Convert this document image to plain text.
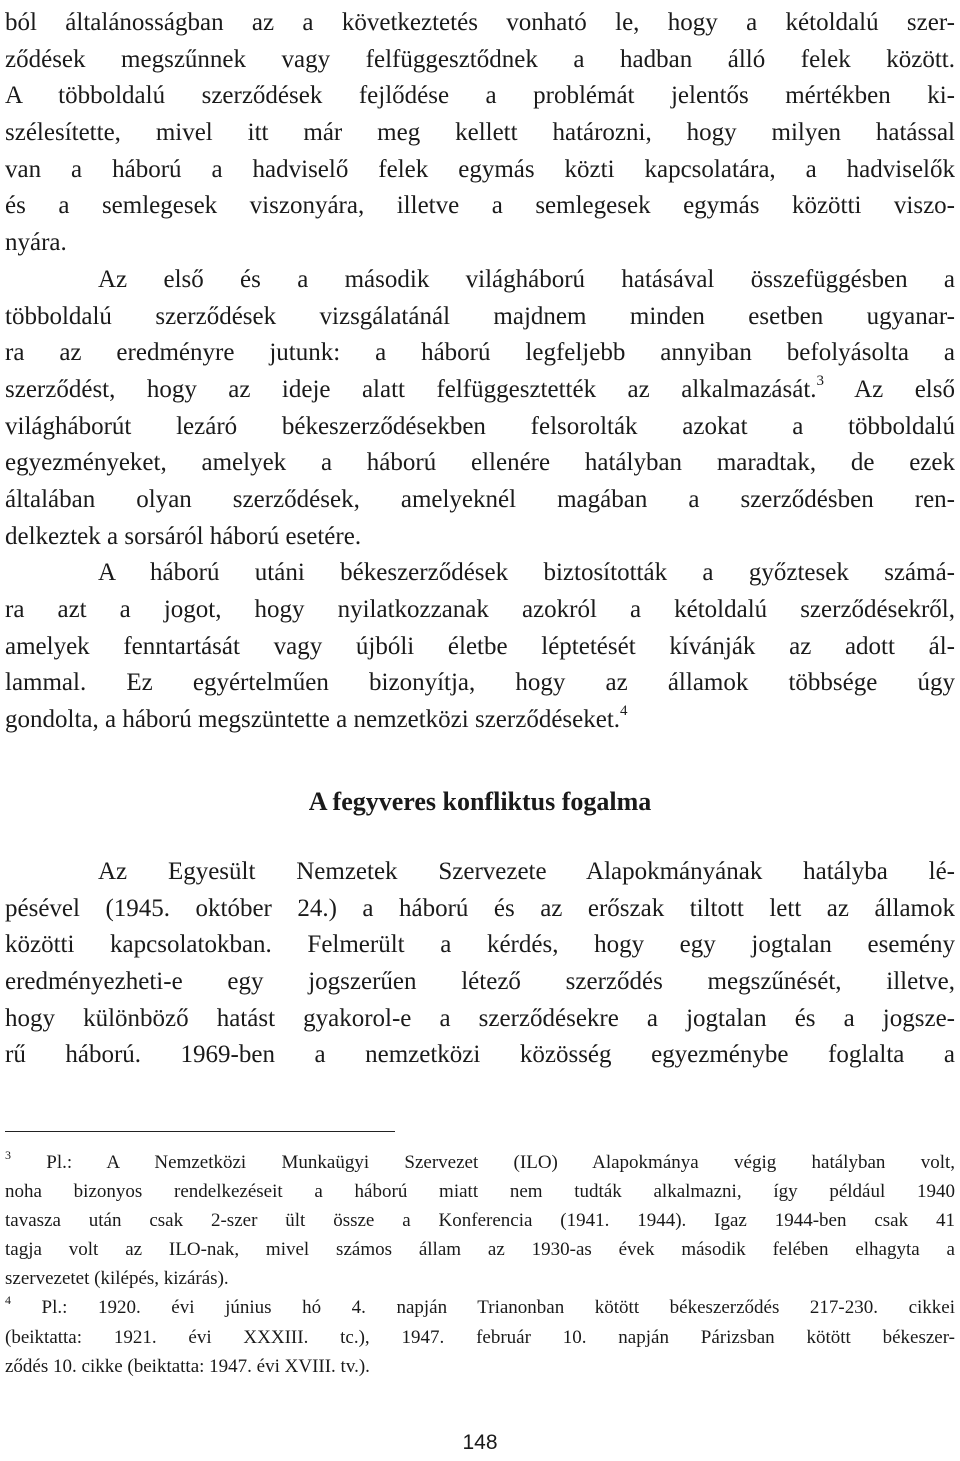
ból általánosságban az a következtetés vonható le, hogy a kétoldalú szer-
ződések megszűnnek vagy felfüggesztődnek a hadban álló felek között.
A többoldalú szerződések fejlődése a problémát jelentős mértékben ki-
szélesítette, mivel itt már meg kellett határozni, hogy milyen hatással
van a háború a hadviselő felek egymás közti kapcsolatára, a hadviselők
és a semlegesek viszonyára, illetve a semlegesek egymás közötti viszo-
nyára.
Az első és a második világháború hatásával összefüggésben a
többoldalú szerződések vizsgálatánál majdnem minden esetben ugyanar-
ra az eredményre jutunk: a háború legfeljebb annyiban befolyásolta a
szerződést, hogy az ideje alatt felfüggesztették az alkalmazását.$^3$ Az első
világháborút lezáró békeszerződésekben felsorolták azokat a többoldalú
egyezményeket, amelyek a háború ellenére hatályban maradtak, de ezek
általában olyan szerződések, amelyeknél magában a szerződésben ren-
delkeztek a sorsáról háború esetére.
A háború utáni békeszerződések biztosították a győztesek számá-
ra azt a jogot, hogy nyilatkozzanak azokról a kétoldalú szerződésekről,
amelyek fenntartását vagy újbóli életbe léptetését kívánják az adott ál-
lammal. Ez egyértelműen bizonyítja, hogy az államok többsége úgy
gondolta, a háború megszüntette a nemzetközi szerződéseket.$^4$
A fegyveres konfliktus fogalma
Az Egyesült Nemzetek Szervezete Alapokmányának hatályba lé-
pésével (1945. október 24.) a háború és az erőszak tiltott lett az államok
közötti kapcsolatokban. Felmerült a kérdés, hogy egy jogtalan esemény
eredményezheti-e egy jogszerűen létező szerződés megszűnését, illetve,
hogy különböző hatást gyakorol-e a szerződésekre a jogtalan és a jogsze-
rű háború. 1969-ben a nemzetközi közösség egyezménybe foglalta a
$^3$ Pl.: A Nemzetközi Munkaügyi Szervezet (ILO) Alapokmánya végig hatályban volt,
noha bizonyos rendelkezéseit a háború miatt nem tudták alkalmazni, így például 1940
tavasza után csak 2-szer ült össze a Konferencia (1941. 1944). Igaz 1944-ben csak 41
tagja volt az ILO-nak, mivel számos állam az 1930-as évek második felében elhagyta a
szervezetet (kilépés, kizárás).
$^4$ Pl.: 1920. évi június hó 4. napján Trianonban kötött békeszerződés 217-230. cikkei
(beiktatta: 1921. évi XXXIII. tc.), 1947. február 10. napján Párizsban kötött békeszer-
ződés 10. cikke (beiktatta: 1947. évi XVIII. tv.).
148
